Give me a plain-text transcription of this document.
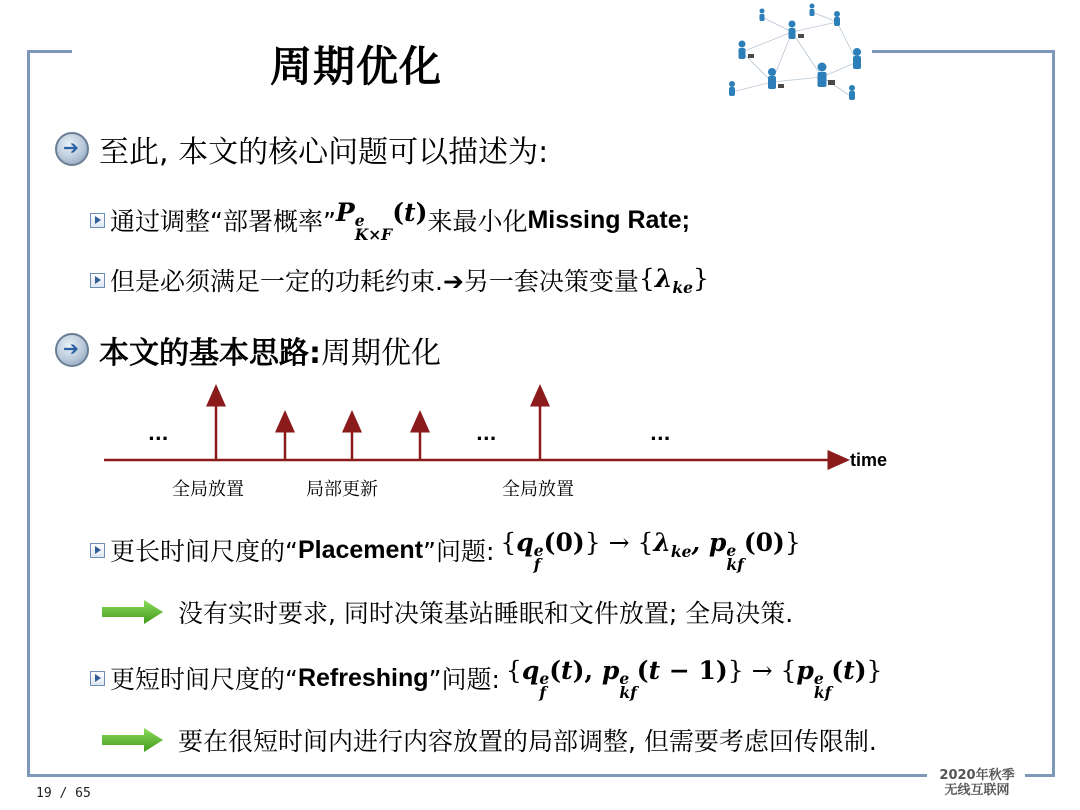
周期优化
➔
至此, 本文的核心问题可以描述为:
通过调整“部署概率” P e
K×F
(t) 来最小化 Missing Rate;
但是必须满足一定的功耗约束.➔另一套决策变量 $\{\lambda_{ke}\}$
➔
本文的基本思路: 周期优化
...	...	...
time
全局放置	局部更新	全局放置
更长时间尺度的“ Placement ”问题: {q e
f
$(0)\} \to \{\lambda_{ke}$, p e
kf
(0)}
没有实时要求, 同时决策基站睡眠和文件放置; 全局决策.
更短时间尺度的“ Refreshing ”问题: {q e
f
(t), p e
kf
(t − 1)} → {p e
kf
(t)}
要在很短时间内进行内容放置的局部调整, 但需要考虑回传限制.
19 / 65
2020年秋季
无线互联网
